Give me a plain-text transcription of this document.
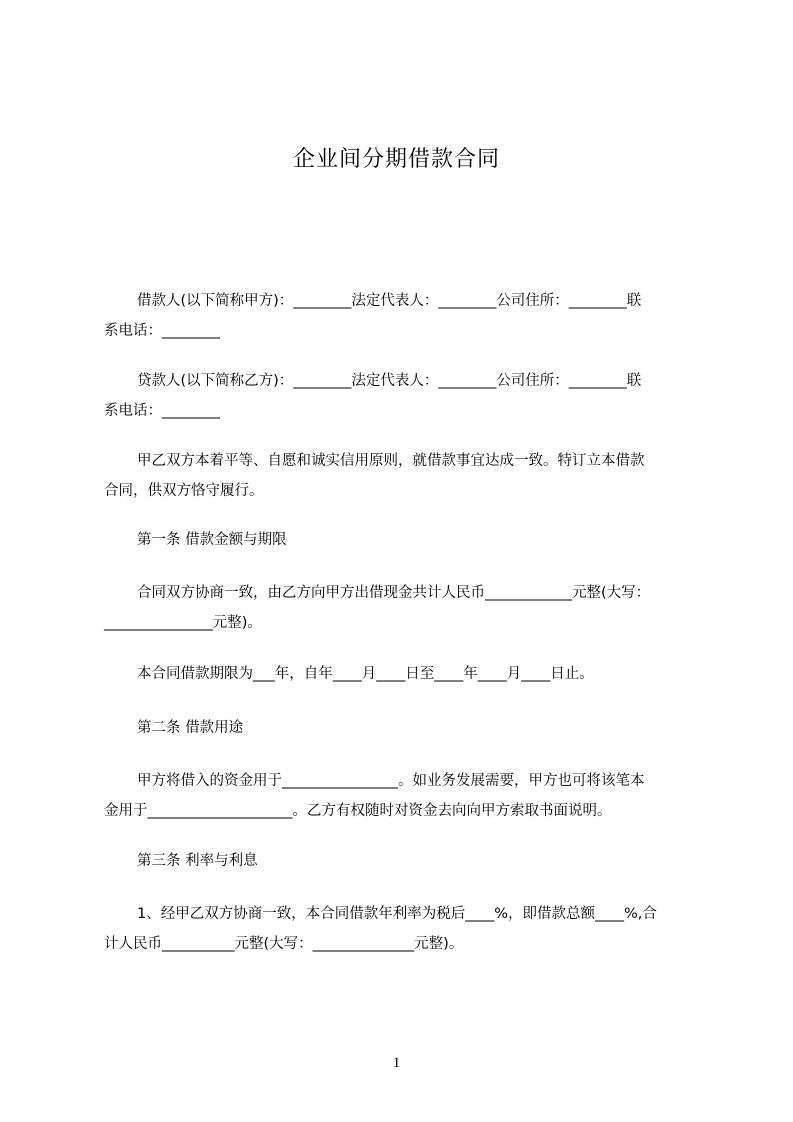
企业间分期借款合同
借款人(以下简称甲方)：________法定代表人：________公司住所：________联
系电话：________
贷款人(以下简称乙方)：________法定代表人：________公司住所：________联
系电话：________
甲乙双方本着平等、自愿和诚实信用原则，就借款事宜达成一致。特订立本借款
合同，供双方恪守履行。
第一条 借款金额与期限
合同双方协商一致，由乙方向甲方出借现金共计人民币____________元整(大写：
_______________元整)。
本合同借款期限为___年，自年____月____日至____年____月____日止。
第二条 借款用途
甲方将借入的资金用于________________。如业务发展需要，甲方也可将该笔本
金用于____________________。乙方有权随时对资金去向向甲方索取书面说明。
第三条 利率与利息
1、经甲乙双方协商一致，本合同借款年利率为税后____%，即借款总额____%,合
计人民币__________元整(大写：______________元整)。
1
